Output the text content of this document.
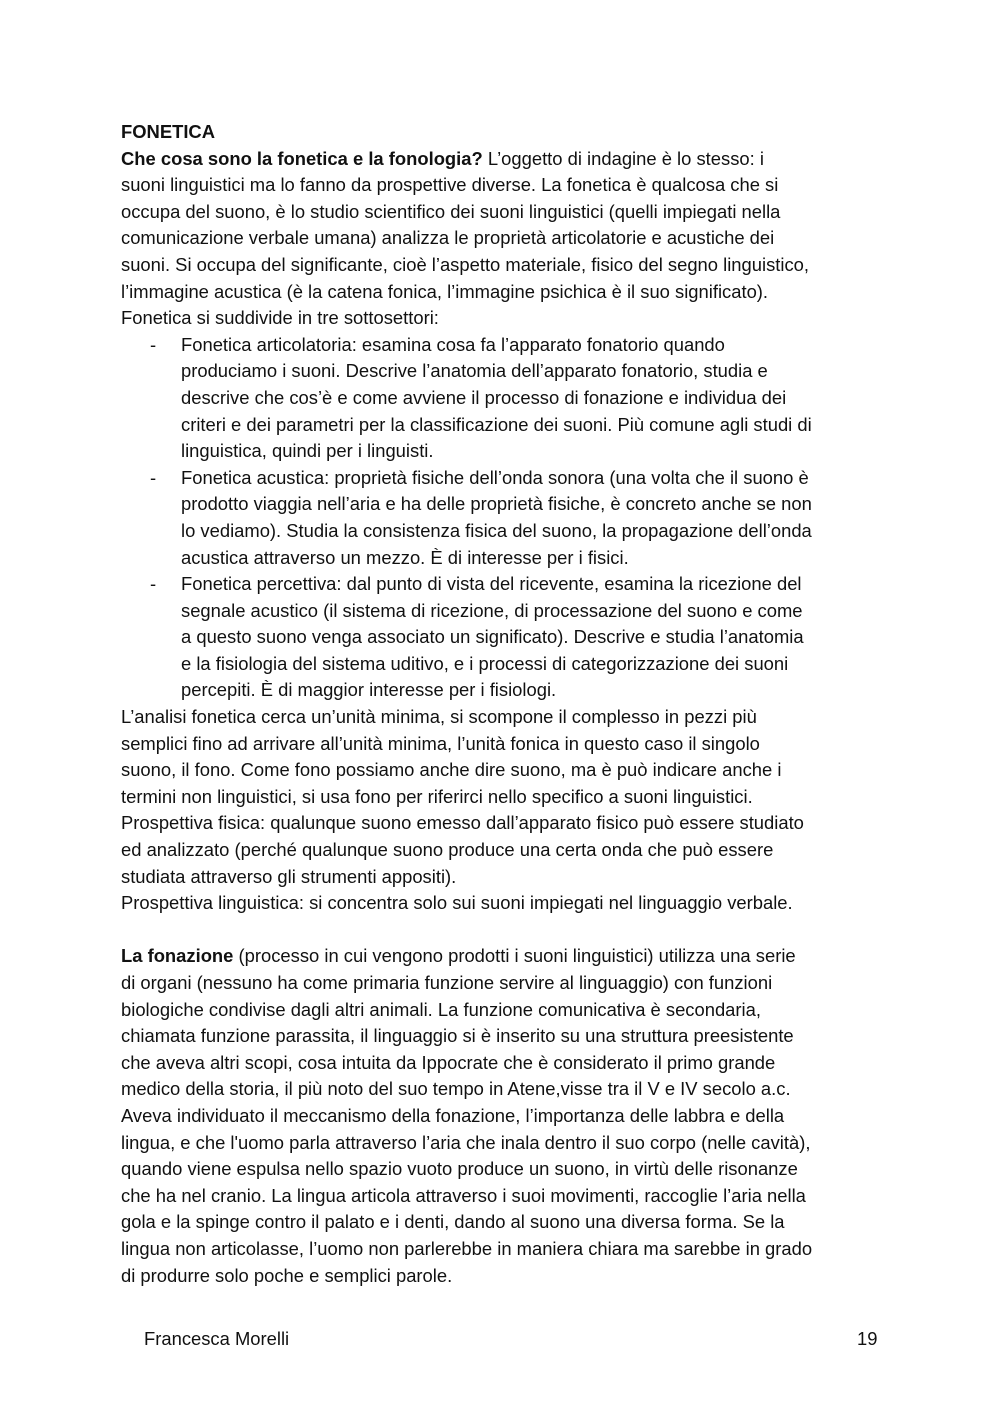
FONETICA
Che cosa sono la fonetica e la fonologia? L’oggetto di indagine è lo stesso: i
suoni linguistici ma lo fanno da prospettive diverse. La fonetica è qualcosa che si
occupa del suono, è lo studio scientifico dei suoni linguistici (quelli impiegati nella
comunicazione verbale umana) analizza le proprietà articolatorie e acustiche dei
suoni. Si occupa del significante, cioè l’aspetto materiale, fisico del segno linguistico,
l’immagine acustica (è la catena fonica, l’immagine psichica è il suo significato).
Fonetica si suddivide in tre sottosettori:
- Fonetica articolatoria: esamina cosa fa l’apparato fonatorio quando
produciamo i suoni. Descrive l’anatomia dell’apparato fonatorio, studia e
descrive che cos’è e come avviene il processo di fonazione e individua dei
criteri e dei parametri per la classificazione dei suoni. Più comune agli studi di
linguistica, quindi per i linguisti.
- Fonetica acustica: proprietà fisiche dell’onda sonora (una volta che il suono è
prodotto viaggia nell’aria e ha delle proprietà fisiche, è concreto anche se non
lo vediamo). Studia la consistenza fisica del suono, la propagazione dell’onda
acustica attraverso un mezzo. È di interesse per i fisici.
- Fonetica percettiva: dal punto di vista del ricevente, esamina la ricezione del
segnale acustico (il sistema di ricezione, di processazione del suono e come
a questo suono venga associato un significato). Descrive e studia l’anatomia
e la fisiologia del sistema uditivo, e i processi di categorizzazione dei suoni
percepiti. È di maggior interesse per i fisiologi.
L’analisi fonetica cerca un’unità minima, si scompone il complesso in pezzi più
semplici fino ad arrivare all’unità minima, l’unità fonica in questo caso il singolo
suono, il fono. Come fono possiamo anche dire suono, ma è può indicare anche i
termini non linguistici, si usa fono per riferirci nello specifico a suoni linguistici.
Prospettiva fisica: qualunque suono emesso dall’apparato fisico può essere studiato
ed analizzato (perché qualunque suono produce una certa onda che può essere
studiata attraverso gli strumenti appositi).
Prospettiva linguistica: si concentra solo sui suoni impiegati nel linguaggio verbale.
La fonazione (processo in cui vengono prodotti i suoni linguistici) utilizza una serie
di organi (nessuno ha come primaria funzione servire al linguaggio) con funzioni
biologiche condivise dagli altri animali. La funzione comunicativa è secondaria,
chiamata funzione parassita, il linguaggio si è inserito su una struttura preesistente
che aveva altri scopi, cosa intuita da Ippocrate che è considerato il primo grande
medico della storia, il più noto del suo tempo in Atene,visse tra il V e IV secolo a.c.
Aveva individuato il meccanismo della fonazione, l’importanza delle labbra e della
lingua, e che l'uomo parla attraverso l’aria che inala dentro il suo corpo (nelle cavità),
quando viene espulsa nello spazio vuoto produce un suono, in virtù delle risonanze
che ha nel cranio. La lingua articola attraverso i suoi movimenti, raccoglie l’aria nella
gola e la spinge contro il palato e i denti, dando al suono una diversa forma. Se la
lingua non articolasse, l’uomo non parlerebbe in maniera chiara ma sarebbe in grado
di produrre solo poche e semplici parole.
Francesca Morelli	19
